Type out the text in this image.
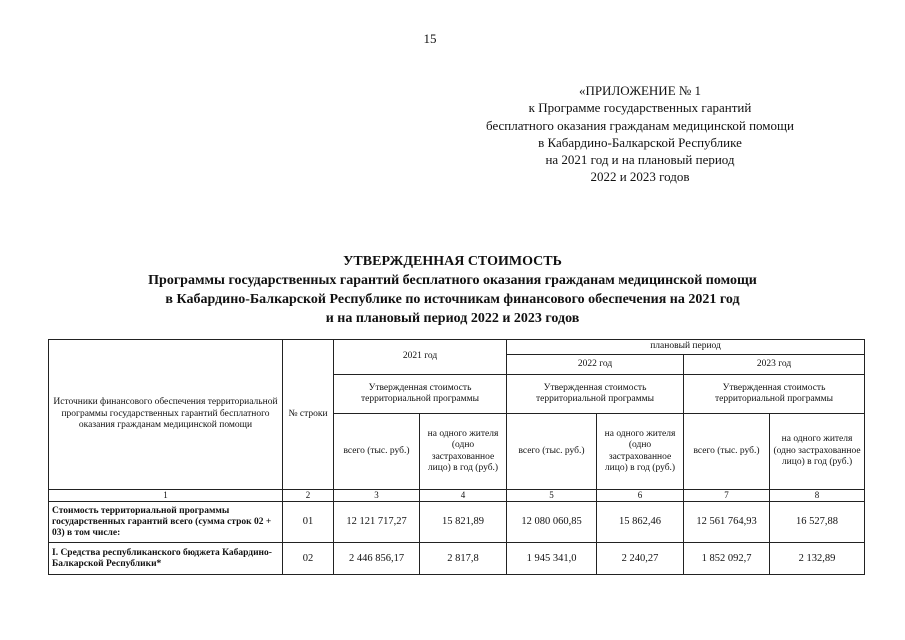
15
«ПРИЛОЖЕНИЕ № 1
к Программе государственных гарантий
бесплатного оказания гражданам медицинской помощи
в Кабардино-Балкарской Республике
на 2021 год и на плановый период
2022 и 2023 годов
УТВЕРЖДЕННАЯ СТОИМОСТЬ
Программы государственных гарантий бесплатного оказания гражданам медицинской помощи
в Кабардино-Балкарской Республике по источникам финансового обеспечения на 2021 год
и на плановый период 2022 и 2023 годов
Источники финансового обеспечения территориальной программы государственных гарантий бесплатного оказания гражданам медицинской помощи	№ строки	2021 год		плановый период			
				2022 год		2023 год	
		Утвержденная стоимость территориальной программы		Утвержденная стоимость территориальной программы		Утвержденная стоимость территориальной программы	
		всего (тыс. руб.)	на одного жителя (одно застрахованное лицо) в год (руб.)	всего (тыс. руб.)	на одного жителя (одно застрахованное лицо) в год (руб.)	всего (тыс. руб.)	на одного жителя (одно застрахованное лицо) в год (руб.)
1	2	3	4	5	6	7	8
Стоимость территориальной программы государственных гарантий всего (сумма строк 02 + 03) в том числе:	01	12 121 717,27	15 821,89	12 080 060,85	15 862,46	12 561 764,93	16 527,88
I. Средства республиканского бюджета Кабардино-Балкарской Республики*	02	2 446 856,17	2 817,8	1 945 341,0	2 240,27	1 852 092,7	2 132,89
